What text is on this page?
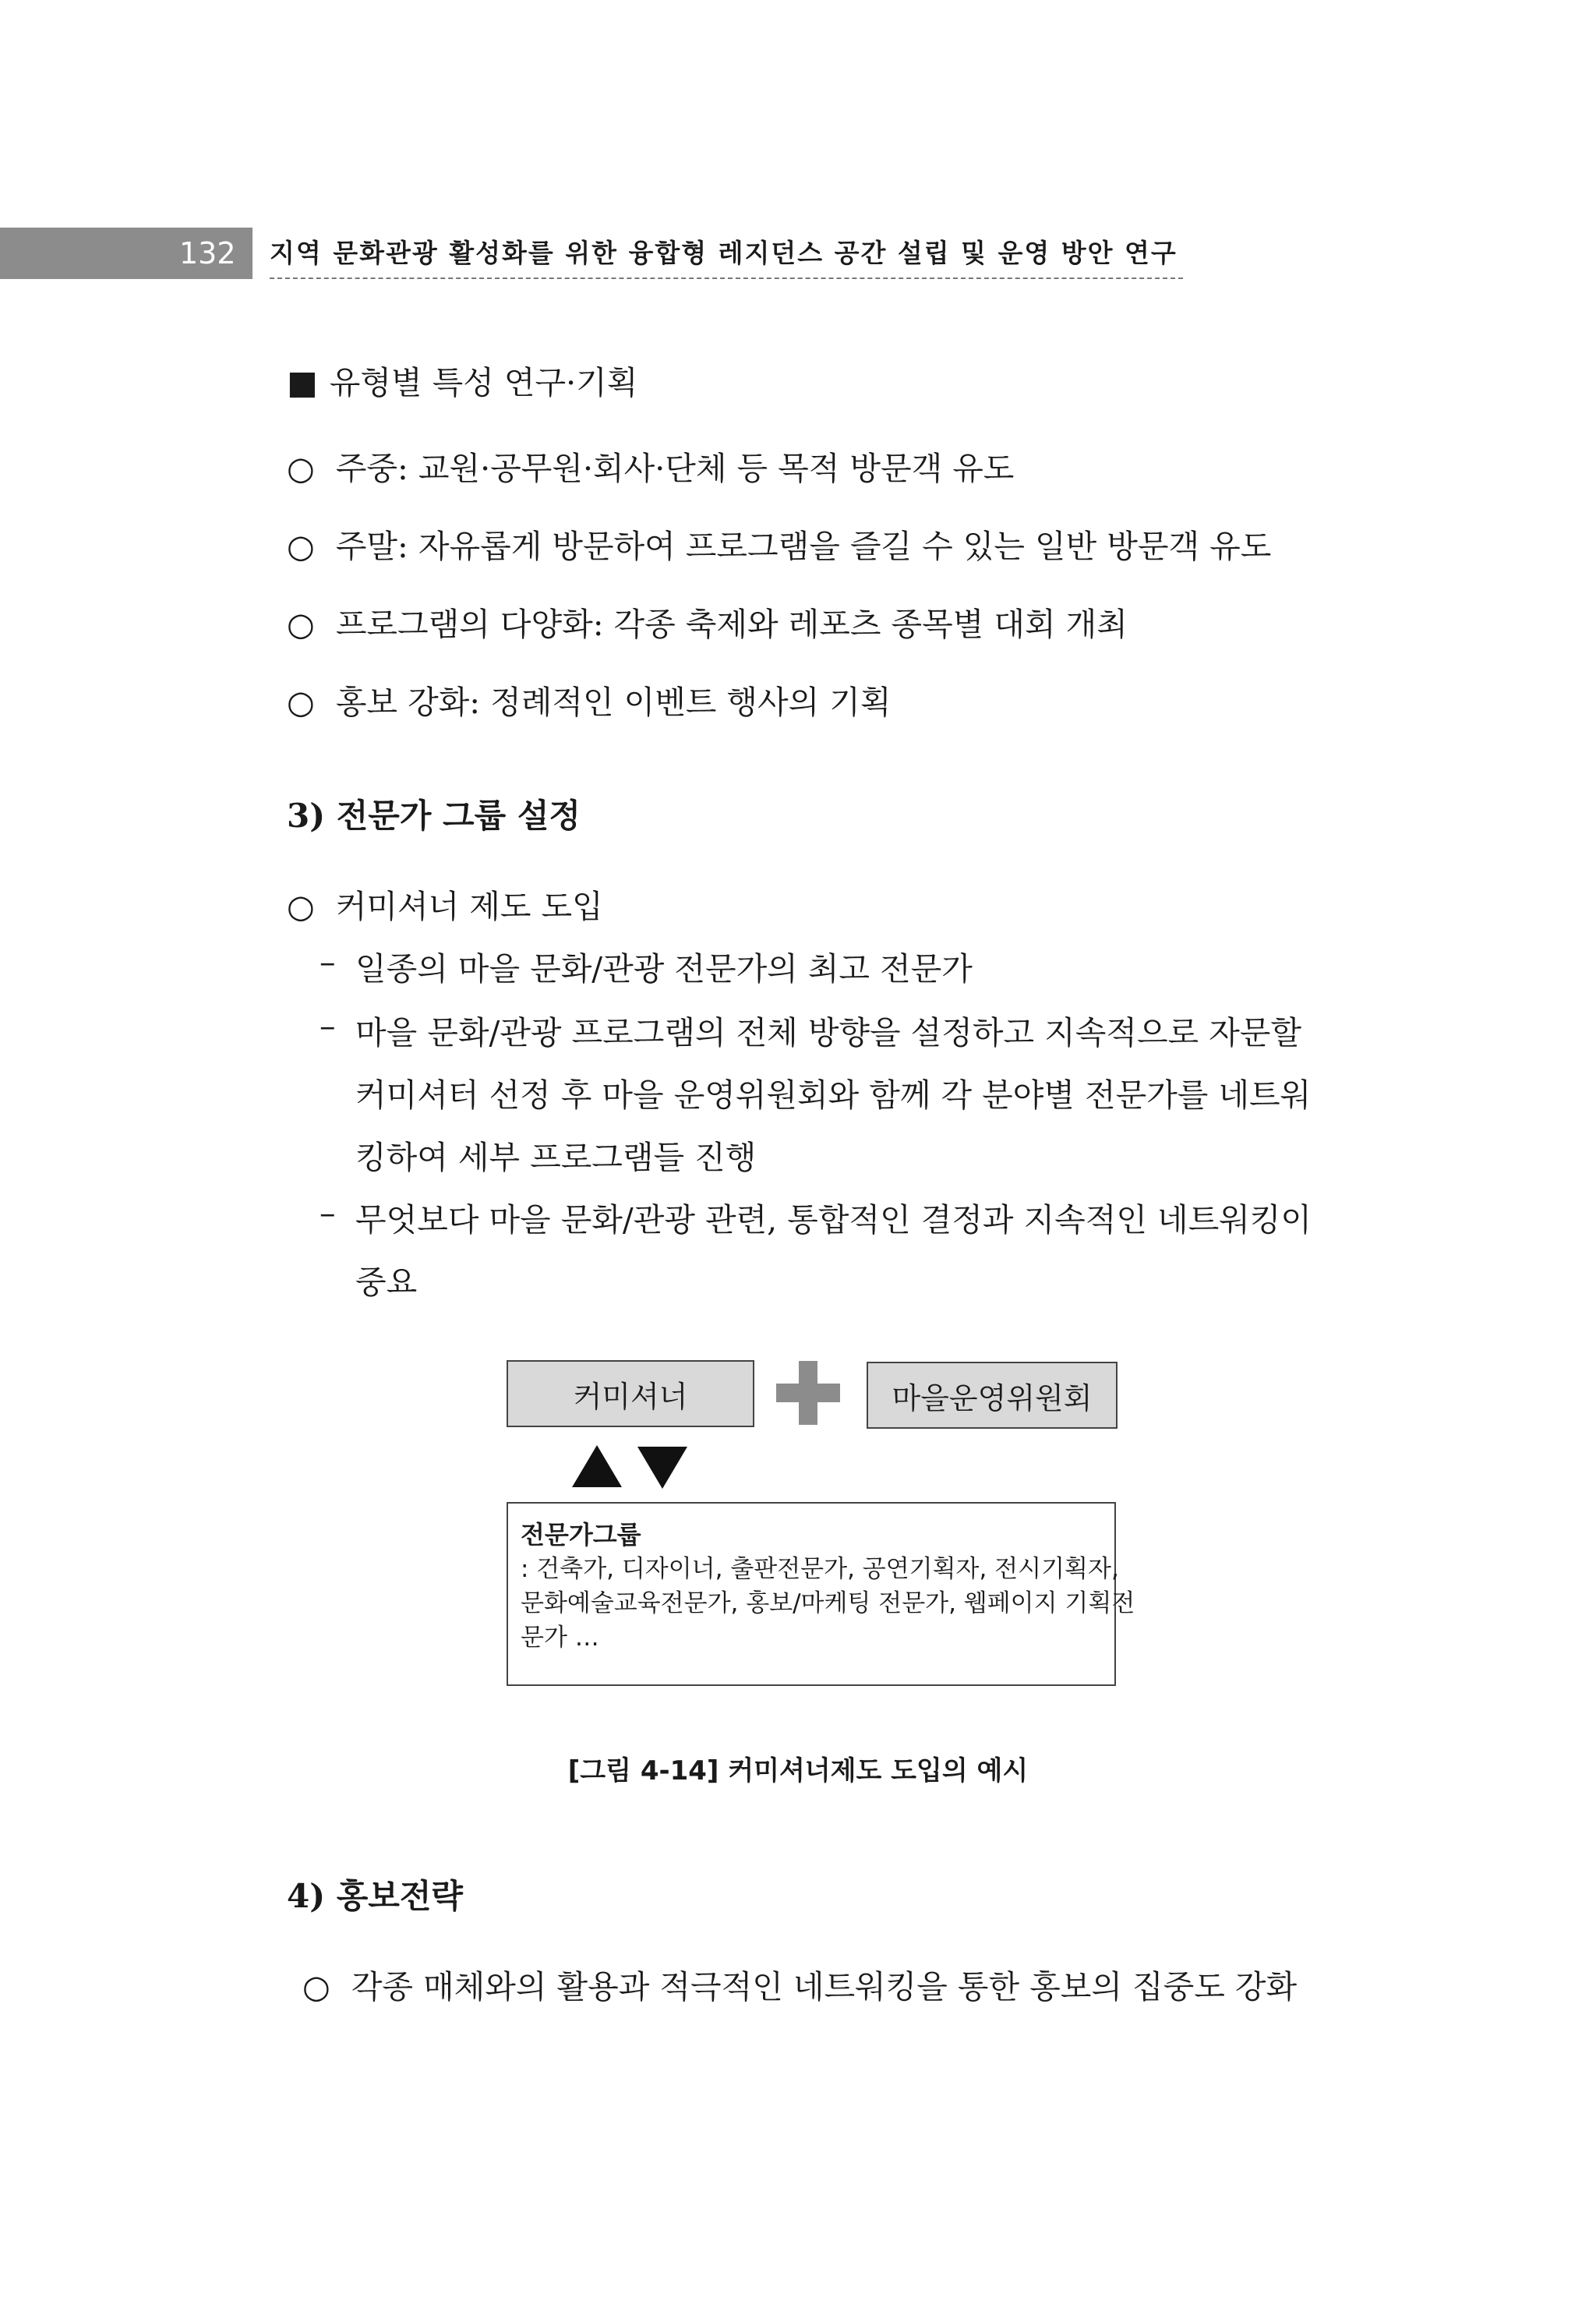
132 지역 문화관광 활성화를 위한 융합형 레지던스 공간 설립 및 운영 방안 연구
■ 유형별 특성 연구·기획
○ 주중: 교원·공무원·회사·단체 등 목적 방문객 유도
○ 주말: 자유롭게 방문하여 프로그램을 즐길 수 있는 일반 방문객 유도
○ 프로그램의 다양화: 각종 축제와 레포츠 종목별 대회 개최
○ 홍보 강화: 정례적인 이벤트 행사의 기획
3) 전문가 그룹 설정
○ 커미셔너 제도 도입
– 일종의 마을 문화/관광 전문가의 최고 전문가
– 마을 문화/관광 프로그램의 전체 방향을 설정하고 지속적으로 자문할
커미셔터 선정 후 마을 운영위원회와 함께 각 분야별 전문가를 네트워
킹하여 세부 프로그램들 진행
– 무엇보다 마을 문화/관광 관련, 통합적인 결정과 지속적인 네트워킹이
중요
커미셔너	마을운영위원회
전문가그룹
: 건축가, 디자이너, 출판전문가, 공연기획자, 전시기획자,
문화예술교육전문가, 홍보/마케팅 전문가, 웹페이지 기획전
문가 …
[그림 4-14] 커미셔너제도 도입의 예시
4) 홍보전략
○ 각종 매체와의 활용과 적극적인 네트워킹을 통한 홍보의 집중도 강화
